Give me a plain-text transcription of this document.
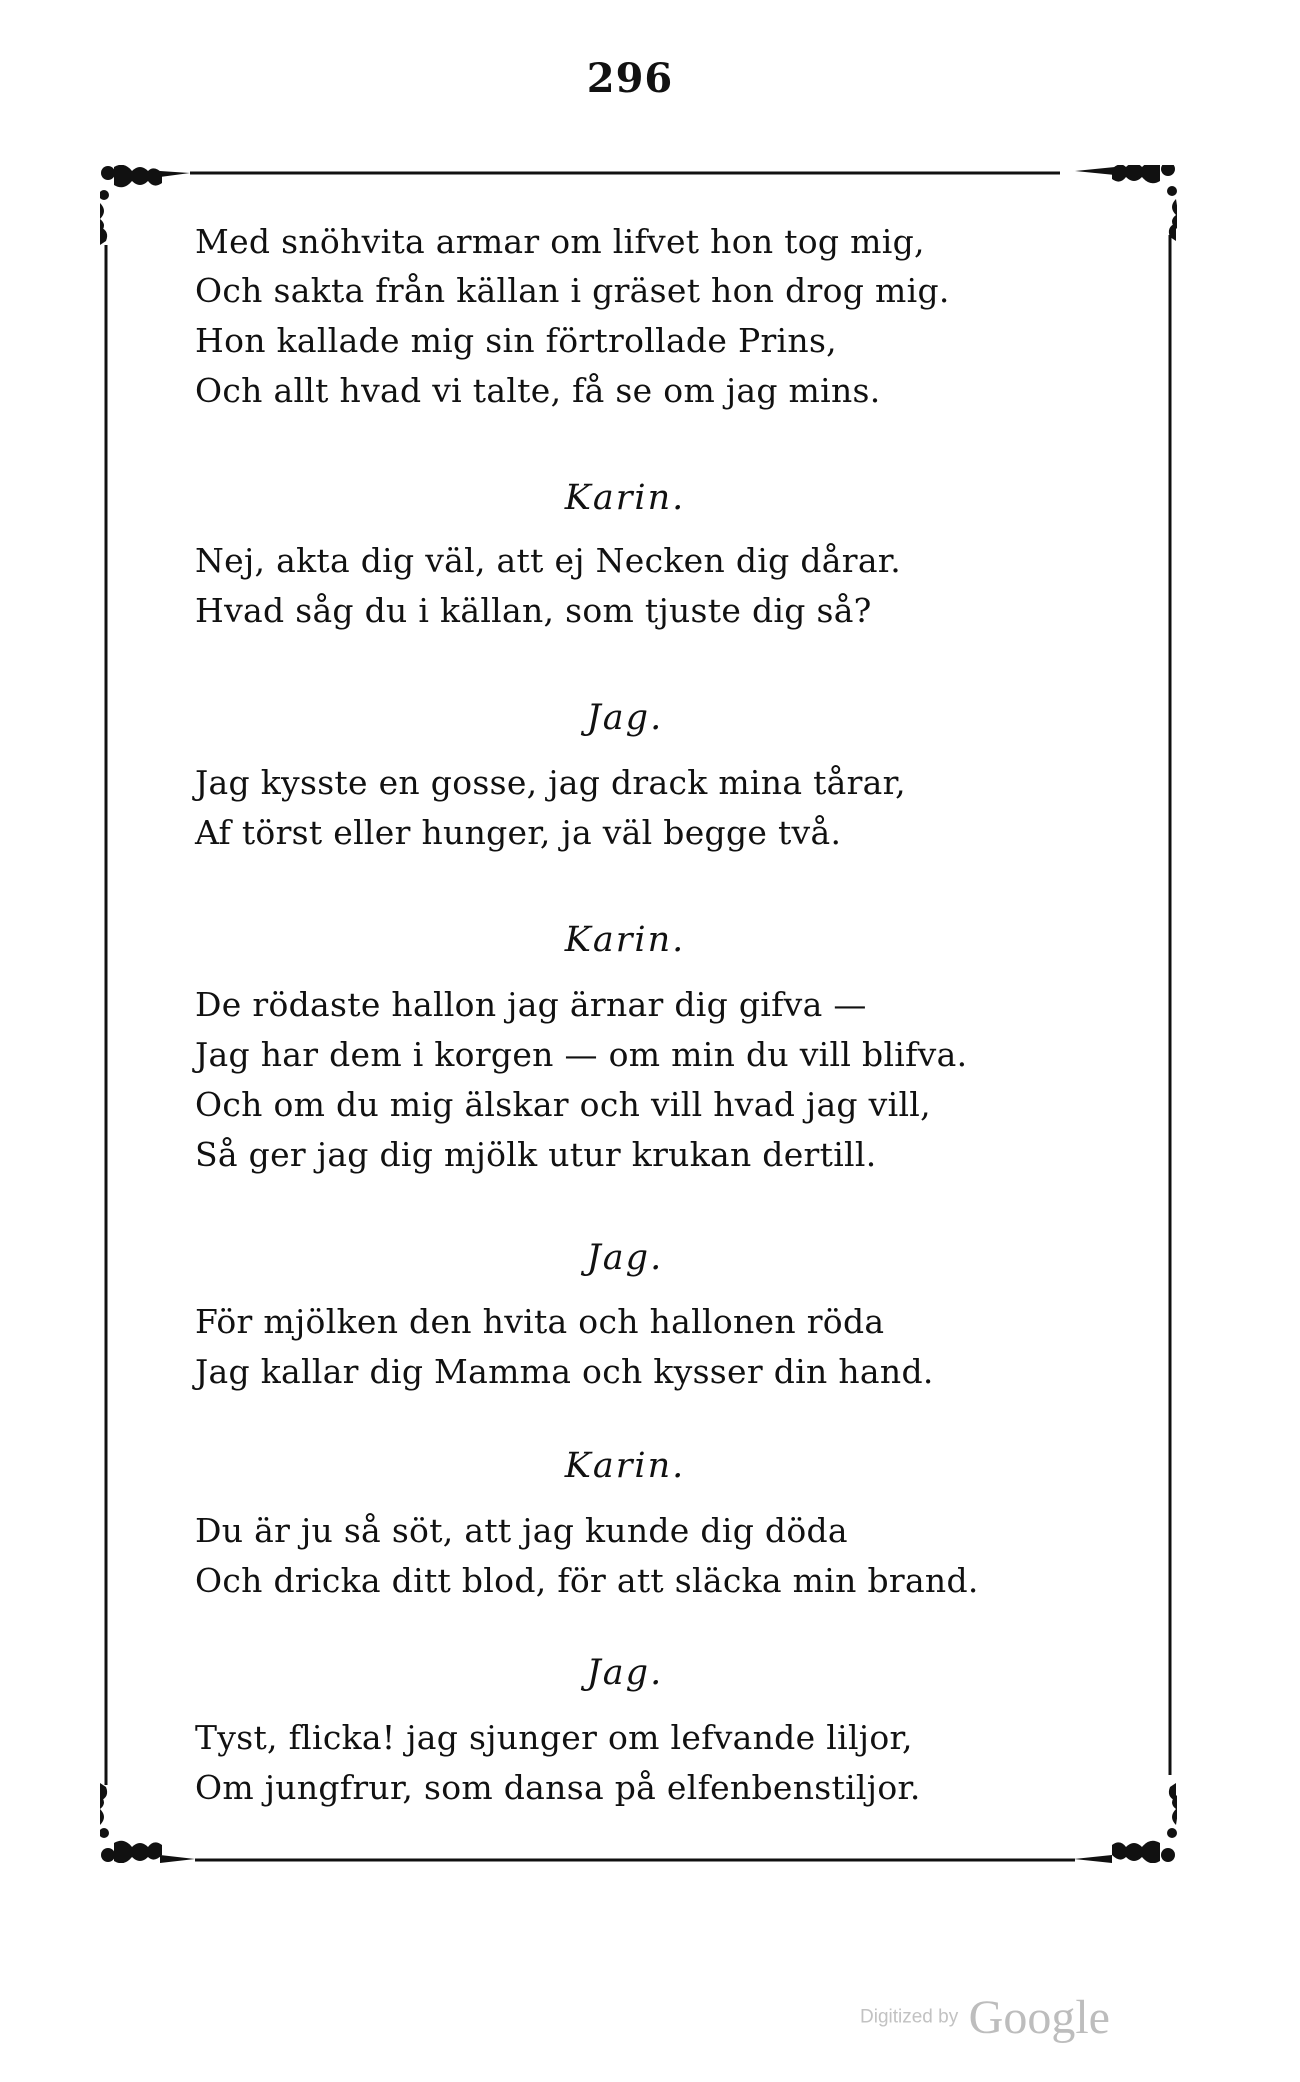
296
Med snöhvita armar om lifvet hon tog mig,
Och sakta från källan i gräset hon drog mig.
Hon kallade mig sin förtrollade Prins,
Och allt hvad vi talte, få se om jag mins.
Karin.
Nej, akta dig väl, att ej Necken dig dårar.
Hvad såg du i källan, som tjuste dig så?
Jag.
Jag kysste en gosse, jag drack mina tårar,
Af törst eller hunger, ja väl begge två.
Karin.
De rödaste hallon jag ärnar dig gifva —
Jag har dem i korgen — om min du vill blifva.
Och om du mig älskar och vill hvad jag vill,
Så ger jag dig mjölk utur krukan dertill.
Jag.
För mjölken den hvita och hallonen röda
Jag kallar dig Mamma och kysser din hand.
Karin.
Du är ju så söt, att jag kunde dig döda
Och dricka ditt blod, för att släcka min brand.
Jag.
Tyst, flicka! jag sjunger om lefvande liljor,
Om jungfrur, som dansa på elfenbenstiljor.
Digitized by Google
